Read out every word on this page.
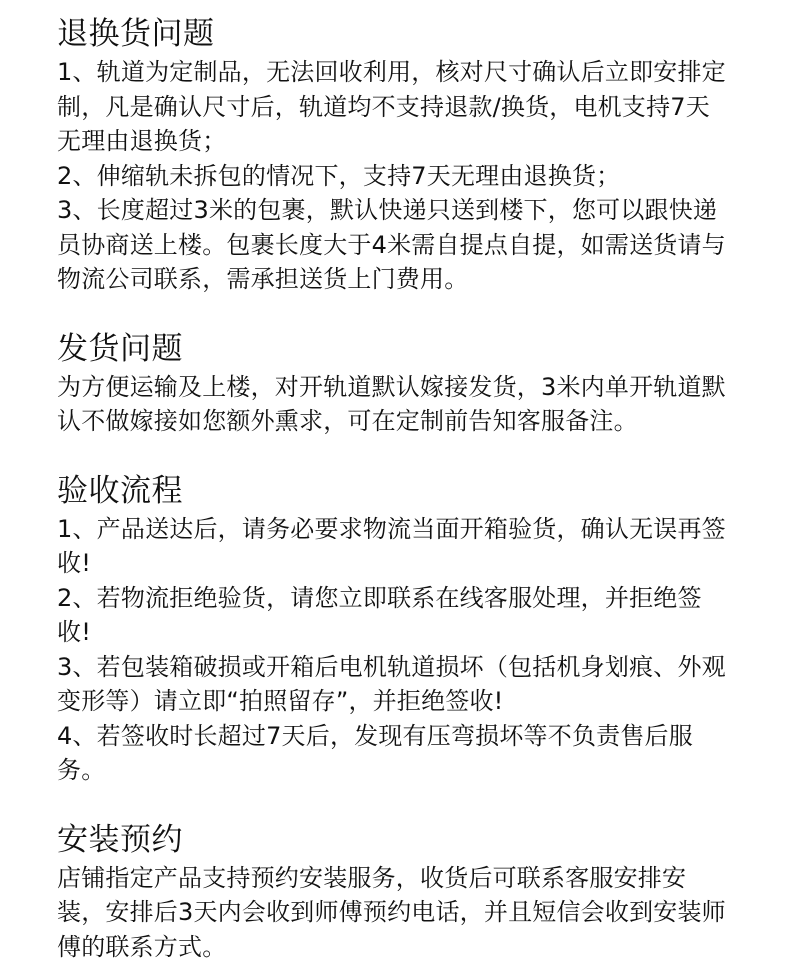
退换货问题

1、轨道为定制品，无法回收利用，核对尺寸确认后立即安排定制，凡是确认尺寸后，轨道均不支持退款/换货，电机支持7天无理由退换货；

2、伸缩轨未拆包的情况下，支持7天无理由退换货；

3、长度超过3米的包裹，默认快递只送到楼下，您可以跟快递员协商送上楼。包裹长度大于4米需自提点自提，如需送货请与物流公司联系，需承担送货上门费用。

发货问题

为方便运输及上楼，对开轨道默认嫁接发货，3米内单开轨道默认不做嫁接如您额外熏求，可在定制前告知客服备注。

验收流程

1、产品送达后，请务必要求物流当面开箱验货，确认无误再签收!

2、若物流拒绝验货，请您立即联系在线客服处理，并拒绝签收!

3、若包装箱破损或开箱后电机轨道损坏（包括机身划痕、外观变形等）请立即“拍照留存”，并拒绝签收!

4、若签收时长超过7天后，发现有压弯损坏等不负责售后服务。

安装预约

店铺指定产品支持预约安装服务，收货后可联系客服安排安装，安排后3天内会收到师傅预约电话，并且短信会收到安装师傅的联系方式。
